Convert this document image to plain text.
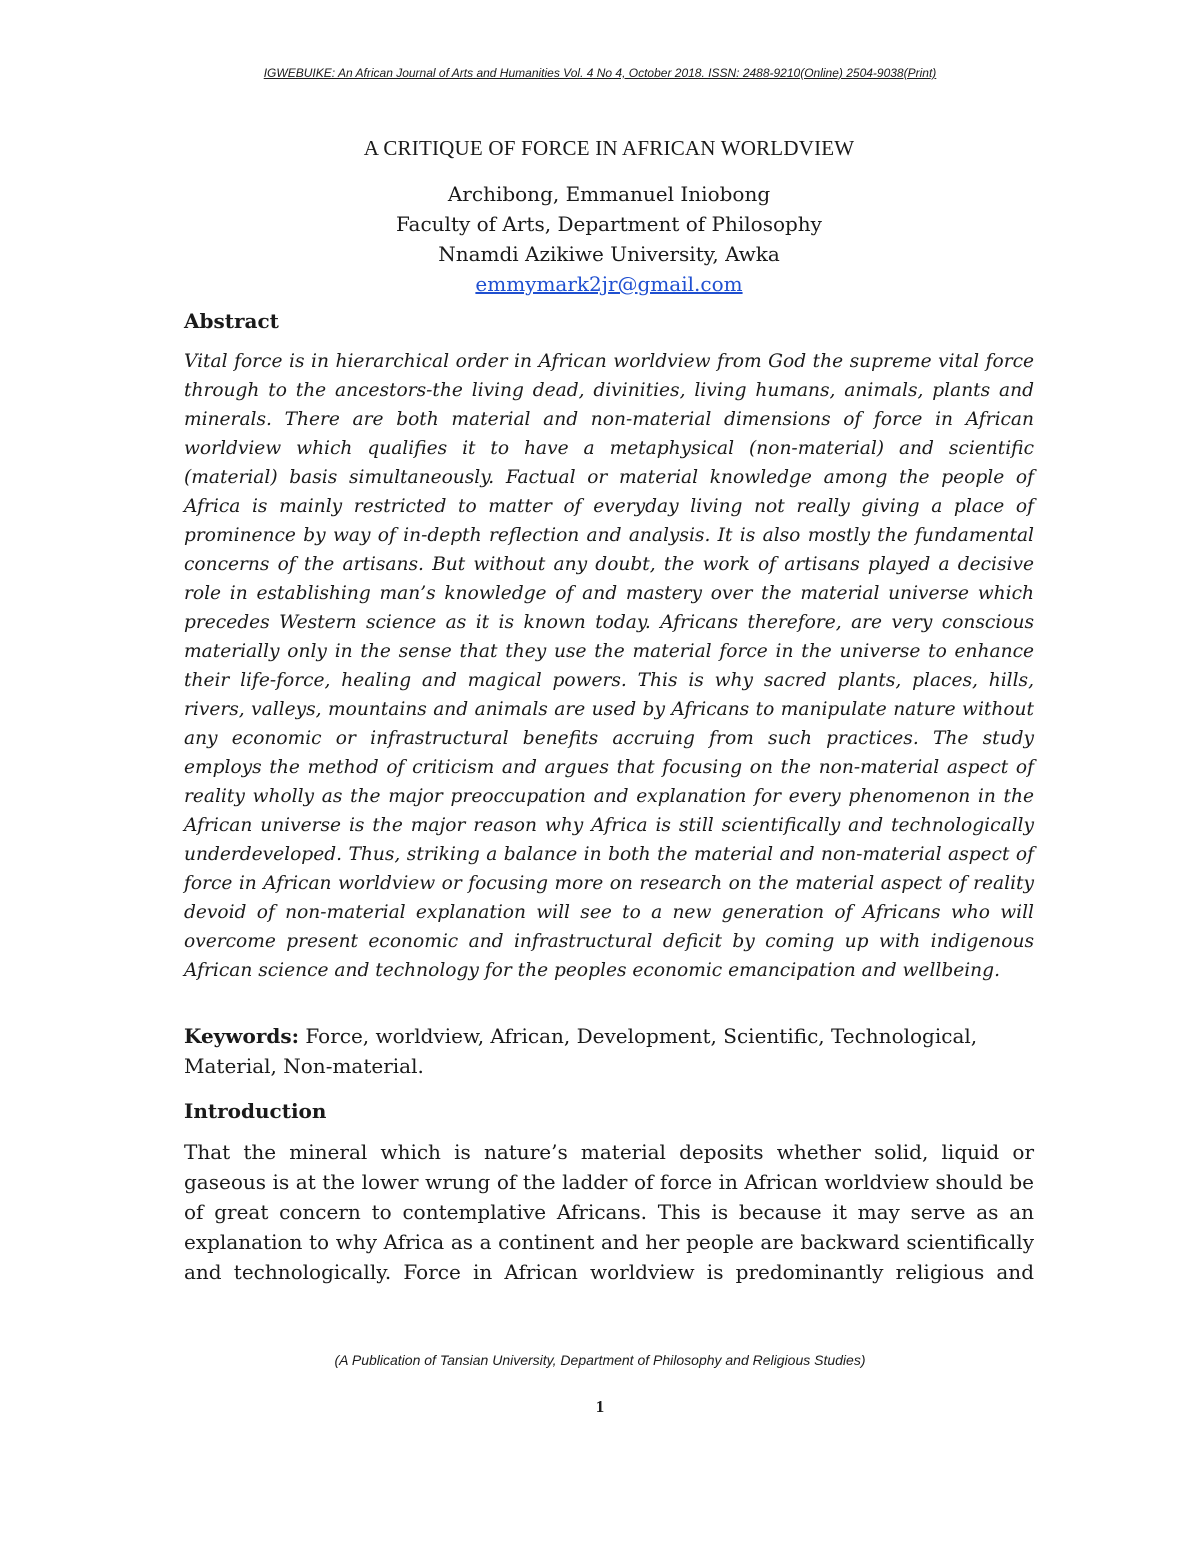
IGWEBUIKE: An African Journal of Arts and Humanities Vol. 4 No 4, October 2018. ISSN: 2488-9210(Online) 2504-9038(Print)
A CRITIQUE OF FORCE IN AFRICAN WORLDVIEW
Archibong, Emmanuel Iniobong
Faculty of Arts, Department of Philosophy
Nnamdi Azikiwe University, Awka
emmymark2jr@gmail.com
Abstract

Vital force is in hierarchical order in African worldview from God the supreme vital force through to the ancestors-the living dead, divinities, living humans, animals, plants and minerals. There are both material and non-material dimensions of force in African worldview which qualifies it to have a metaphysical (non-material) and scientific (material) basis simultaneously. Factual or material knowledge among the people of Africa is mainly restricted to matter of everyday living not really giving a place of prominence by way of in-depth reflection and analysis. It is also mostly the fundamental concerns of the artisans. But without any doubt, the work of artisans played a decisive role in establishing man’s knowledge of and mastery over the material universe which precedes Western science as it is known today. Africans therefore, are very conscious materially only in the sense that they use the material force in the universe to enhance their life-force, healing and magical powers. This is why sacred plants, places, hills, rivers, valleys, mountains and animals are used by Africans to manipulate nature without any economic or infrastructural benefits accruing from such practices. The study employs the method of criticism and argues that focusing on the non-material aspect of reality wholly as the major preoccupation and explanation for every phenomenon in the African universe is the major reason why Africa is still scientifically and technologically underdeveloped. Thus, striking a balance in both the material and non-material aspect of force in African worldview or focusing more on research on the material aspect of reality devoid of non-material explanation will see to a new generation of Africans who will overcome present economic and infrastructural deficit by coming up with indigenous African science and technology for the peoples economic emancipation and wellbeing.

Keywords: Force, worldview, African, Development, Scientific, Technological, Material, Non-material.
Introduction

That the mineral which is nature’s material deposits whether solid, liquid or gaseous is at the lower wrung of the ladder of force in African worldview should be of great concern to contemplative Africans. This is because it may serve as an explanation to why Africa as a continent and her people are backward scientifically and technologically. Force in African worldview is predominantly religious and

(A Publication of Tansian University, Department of Philosophy and Religious Studies)
1
